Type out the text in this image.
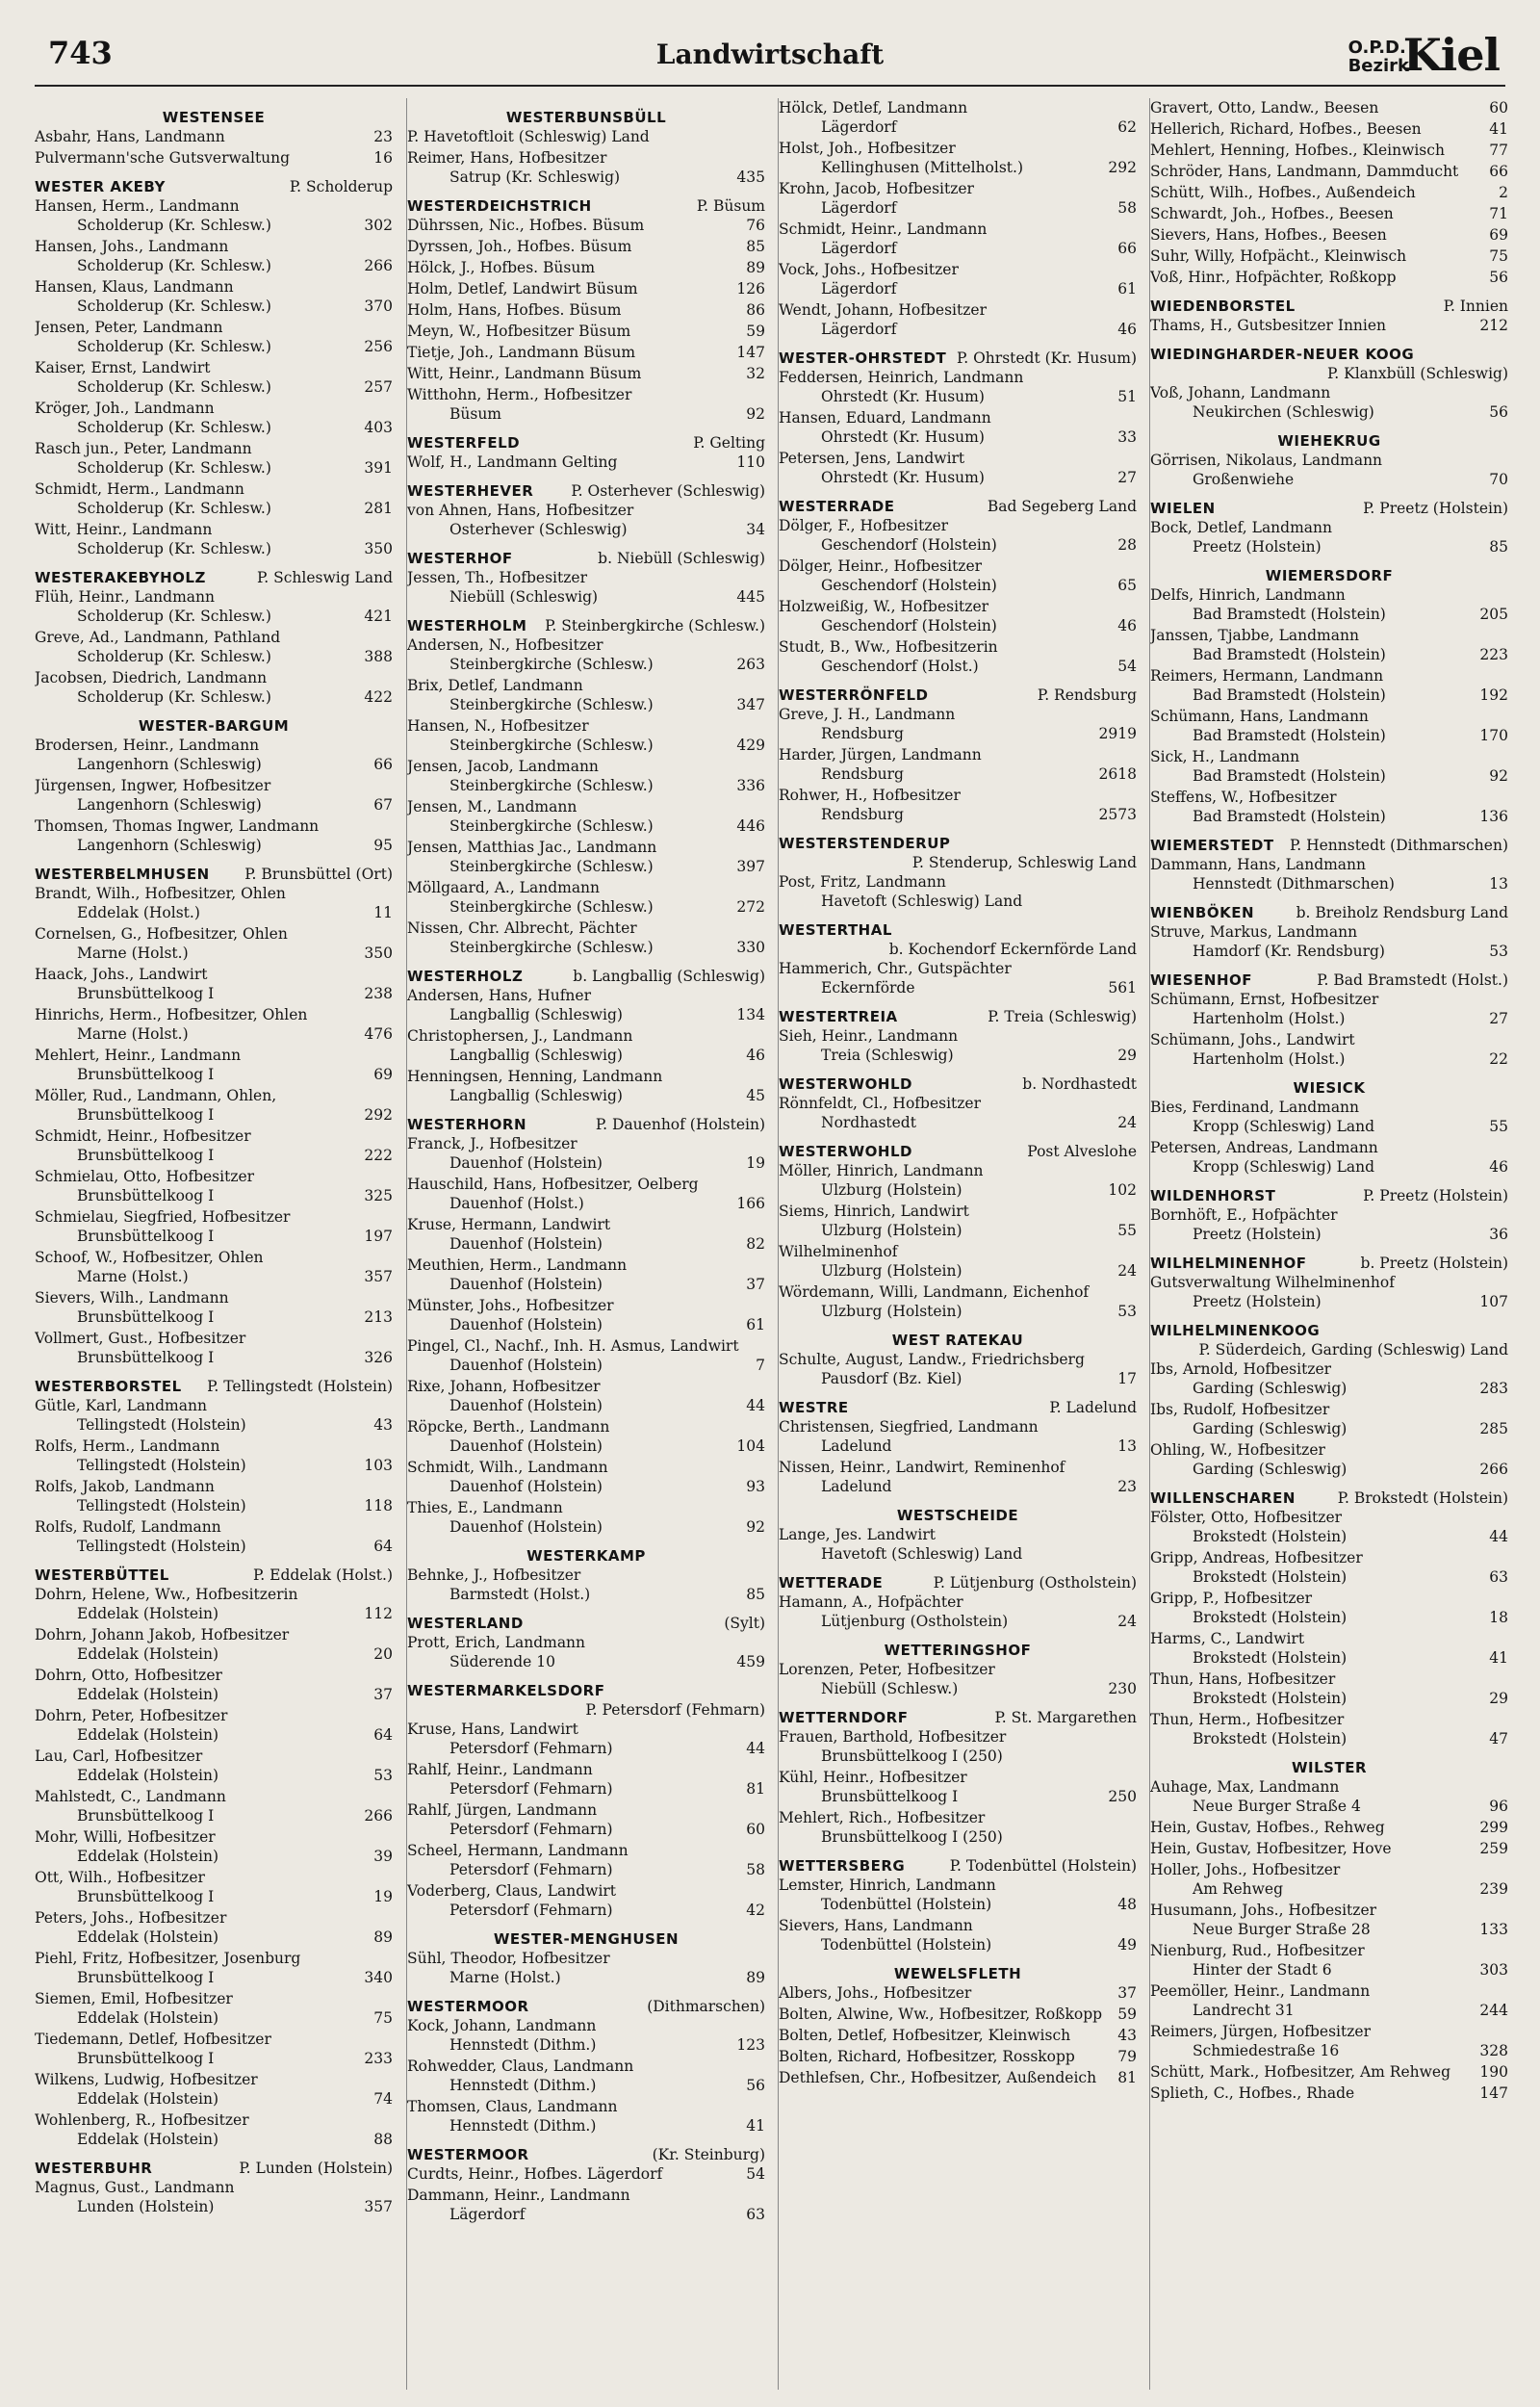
743	Landwirtschaft	O.P.D.
Bezirk
Kiel
WESTENSEE
Asbahr, Hans, Landmann	23
Pulvermann'sche Gutsverwaltung	16
WESTER AKEBY	P. Scholderup
Hansen, Herm., Landmann
Scholderup (Kr. Schlesw.)	302
Hansen, Johs., Landmann
Scholderup (Kr. Schlesw.)	266
Hansen, Klaus, Landmann
Scholderup (Kr. Schlesw.)	370
Jensen, Peter, Landmann
Scholderup (Kr. Schlesw.)	256
Kaiser, Ernst, Landwirt
Scholderup (Kr. Schlesw.)	257
Kröger, Joh., Landmann
Scholderup (Kr. Schlesw.)	403
Rasch jun., Peter, Landmann
Scholderup (Kr. Schlesw.)	391
Schmidt, Herm., Landmann
Scholderup (Kr. Schlesw.)	281
Witt, Heinr., Landmann
Scholderup (Kr. Schlesw.)	350
WESTERAKEBYHOLZ	P. Schleswig Land
Flüh, Heinr., Landmann
Scholderup (Kr. Schlesw.)	421
Greve, Ad., Landmann, Pathland
Scholderup (Kr. Schlesw.)	388
Jacobsen, Diedrich, Landmann
Scholderup (Kr. Schlesw.)	422
WESTER-BARGUM
Brodersen, Heinr., Landmann
Langenhorn (Schleswig)	66
Jürgensen, Ingwer, Hofbesitzer
Langenhorn (Schleswig)	67
Thomsen, Thomas Ingwer, Landmann
Langenhorn (Schleswig)	95
WESTERBELMHUSEN P. Brunsbüttel (Ort)
Brandt, Wilh., Hofbesitzer, Ohlen
Eddelak (Holst.)	11
Cornelsen, G., Hofbesitzer, Ohlen
Marne (Holst.)	350
Haack, Johs., Landwirt
Brunsbüttelkoog I	238
Hinrichs, Herm., Hofbesitzer, Ohlen
Marne (Holst.)	476
Mehlert, Heinr., Landmann
Brunsbüttelkoog I	69
Möller, Rud., Landmann, Ohlen,
Brunsbüttelkoog I	292
Schmidt, Heinr., Hofbesitzer
Brunsbüttelkoog I	222
Schmielau, Otto, Hofbesitzer
Brunsbüttelkoog I	325
Schmielau, Siegfried, Hofbesitzer
Brunsbüttelkoog I	197
Schoof, W., Hofbesitzer, Ohlen
Marne (Holst.)	357
Sievers, Wilh., Landmann
Brunsbüttelkoog I	213
Vollmert, Gust., Hofbesitzer
Brunsbüttelkoog I	326
WESTERBORSTEL P. Tellingstedt (Holstein)
Gütle, Karl, Landmann
Tellingstedt (Holstein)	43
Rolfs, Herm., Landmann
Tellingstedt (Holstein)	103
Rolfs, Jakob, Landmann
Tellingstedt (Holstein)	118
Rolfs, Rudolf, Landmann
Tellingstedt (Holstein)	64
WESTERBÜTTEL	P. Eddelak (Holst.)
Dohrn, Helene, Ww., Hofbesitzerin
Eddelak (Holstein)	112
Dohrn, Johann Jakob, Hofbesitzer
Eddelak (Holstein)	20
Dohrn, Otto, Hofbesitzer
Eddelak (Holstein)	37
Dohrn, Peter, Hofbesitzer
Eddelak (Holstein)	64
Lau, Carl, Hofbesitzer
Eddelak (Holstein)	53
Mahlstedt, C., Landmann
Brunsbüttelkoog I	266
Mohr, Willi, Hofbesitzer
Eddelak (Holstein)	39
Ott, Wilh., Hofbesitzer
Brunsbüttelkoog I	19
Peters, Johs., Hofbesitzer
Eddelak (Holstein)	89
Piehl, Fritz, Hofbesitzer, Josenburg
Brunsbüttelkoog I	340
Siemen, Emil, Hofbesitzer
Eddelak (Holstein)	75
Tiedemann, Detlef, Hofbesitzer
Brunsbüttelkoog I	233
Wilkens, Ludwig, Hofbesitzer
Eddelak (Holstein)	74
Wohlenberg, R., Hofbesitzer
Eddelak (Holstein)	88
WESTERBUHR	P. Lunden (Holstein)
Magnus, Gust., Landmann
Lunden (Holstein)	357
WESTERBUNSBÜLL
P. Havetoftloit (Schleswig) Land
Reimer, Hans, Hofbesitzer
Satrup (Kr. Schleswig)	435
WESTERDEICHSTRICH	P. Büsum
Dührssen, Nic., Hofbes. Büsum	76
Dyrssen, Joh., Hofbes. Büsum	85
Hölck, J., Hofbes. Büsum	89
Holm, Detlef, Landwirt Büsum	126
Holm, Hans, Hofbes. Büsum	86
Meyn, W., Hofbesitzer Büsum	59
Tietje, Joh., Landmann Büsum	147
Witt, Heinr., Landmann Büsum	32
Witthohn, Herm., Hofbesitzer
Büsum	92
WESTERFELD	P. Gelting
Wolf, H., Landmann Gelting	110
WESTERHEVER	P. Osterhever (Schleswig)
von Ahnen, Hans, Hofbesitzer
Osterhever (Schleswig)	34
WESTERHOF	b. Niebüll (Schleswig)
Jessen, Th., Hofbesitzer
Niebüll (Schleswig)	445
WESTERHOLM P. Steinbergkirche (Schlesw.)
Andersen, N., Hofbesitzer
Steinbergkirche (Schlesw.)	263
Brix, Detlef, Landmann
Steinbergkirche (Schlesw.)	347
Hansen, N., Hofbesitzer
Steinbergkirche (Schlesw.)	429
Jensen, Jacob, Landmann
Steinbergkirche (Schlesw.)	336
Jensen, M., Landmann
Steinbergkirche (Schlesw.)	446
Jensen, Matthias Jac., Landmann
Steinbergkirche (Schlesw.)	397
Möllgaard, A., Landmann
Steinbergkirche (Schlesw.)	272
Nissen, Chr. Albrecht, Pächter
Steinbergkirche (Schlesw.)	330
WESTERHOLZ	b. Langballig (Schleswig)
Andersen, Hans, Hufner
Langballig (Schleswig)	134
Christophersen, J., Landmann
Langballig (Schleswig)	46
Henningsen, Henning, Landmann
Langballig (Schleswig)	45
WESTERHORN	P. Dauenhof (Holstein)
Franck, J., Hofbesitzer
Dauenhof (Holstein)	19
Hauschild, Hans, Hofbesitzer, Oelberg
Dauenhof (Holst.)	166
Kruse, Hermann, Landwirt
Dauenhof (Holstein)	82
Meuthien, Herm., Landmann
Dauenhof (Holstein)	37
Münster, Johs., Hofbesitzer
Dauenhof (Holstein)	61
Pingel, Cl., Nachf., Inh. H. Asmus, Landwirt
Dauenhof (Holstein)	7
Rixe, Johann, Hofbesitzer
Dauenhof (Holstein)	44
Röpcke, Berth., Landmann
Dauenhof (Holstein)	104
Schmidt, Wilh., Landmann
Dauenhof (Holstein)	93
Thies, E., Landmann
Dauenhof (Holstein)	92
WESTERKAMP
Behnke, J., Hofbesitzer
Barmstedt (Holst.)	85
WESTERLAND	(Sylt)
Prott, Erich, Landmann
Süderende 10	459
WESTERMARKELSDORF
P. Petersdorf (Fehmarn)
Kruse, Hans, Landwirt
Petersdorf (Fehmarn)	44
Rahlf, Heinr., Landmann
Petersdorf (Fehmarn)	81
Rahlf, Jürgen, Landmann
Petersdorf (Fehmarn)	60
Scheel, Hermann, Landmann
Petersdorf (Fehmarn)	58
Voderberg, Claus, Landwirt
Petersdorf (Fehmarn)	42
WESTER-MENGHUSEN
Sühl, Theodor, Hofbesitzer
Marne (Holst.)	89
WESTERMOOR	(Dithmarschen)
Kock, Johann, Landmann
Hennstedt (Dithm.)	123
Rohwedder, Claus, Landmann
Hennstedt (Dithm.)	56
Thomsen, Claus, Landmann
Hennstedt (Dithm.)	41
WESTERMOOR	(Kr. Steinburg)
Curdts, Heinr., Hofbes. Lägerdorf	54
Dammann, Heinr., Landmann
Lägerdorf	63
Hölck, Detlef, Landmann
Lägerdorf	62
Holst, Joh., Hofbesitzer
Kellinghusen (Mittelholst.)	292
Krohn, Jacob, Hofbesitzer
Lägerdorf	58
Schmidt, Heinr., Landmann
Lägerdorf	66
Vock, Johs., Hofbesitzer
Lägerdorf	61
Wendt, Johann, Hofbesitzer
Lägerdorf	46
WESTER-OHRSTEDT P. Ohrstedt (Kr. Husum)
Feddersen, Heinrich, Landmann
Ohrstedt (Kr. Husum)	51
Hansen, Eduard, Landmann
Ohrstedt (Kr. Husum)	33
Petersen, Jens, Landwirt
Ohrstedt (Kr. Husum)	27
WESTERRADE	Bad Segeberg Land
Dölger, F., Hofbesitzer
Geschendorf (Holstein)	28
Dölger, Heinr., Hofbesitzer
Geschendorf (Holstein)	65
Holzweißig, W., Hofbesitzer
Geschendorf (Holstein)	46
Studt, B., Ww., Hofbesitzerin
Geschendorf (Holst.)	54
WESTERRÖNFELD	P. Rendsburg
Greve, J. H., Landmann
Rendsburg	2919
Harder, Jürgen, Landmann
Rendsburg	2618
Rohwer, H., Hofbesitzer
Rendsburg	2573
WESTERSTENDERUP
P. Stenderup, Schleswig Land
Post, Fritz, Landmann
Havetoft (Schleswig) Land
WESTERTHAL
b. Kochendorf Eckernförde Land
Hammerich, Chr., Gutspächter
Eckernförde	561
WESTERTREIA	P. Treia (Schleswig)
Sieh, Heinr., Landmann
Treia (Schleswig)	29
WESTERWOHLD	b. Nordhastedt
Rönnfeldt, Cl., Hofbesitzer
Nordhastedt	24
WESTERWOHLD	Post Alveslohe
Möller, Hinrich, Landmann
Ulzburg (Holstein)	102
Siems, Hinrich, Landwirt
Ulzburg (Holstein)	55
Wilhelminenhof
Ulzburg (Holstein)	24
Wördemann, Willi, Landmann, Eichenhof
Ulzburg (Holstein)	53
WEST RATEKAU
Schulte, August, Landw., Friedrichsberg
Pausdorf (Bz. Kiel)	17
WESTRE	P. Ladelund
Christensen, Siegfried, Landmann
Ladelund	13
Nissen, Heinr., Landwirt, Reminenhof
Ladelund	23
WESTSCHEIDE
Lange, Jes. Landwirt
Havetoft (Schleswig) Land
WETTERADE	P. Lütjenburg (Ostholstein)
Hamann, A., Hofpächter
Lütjenburg (Ostholstein)	24
WETTERINGSHOF
Lorenzen, Peter, Hofbesitzer
Niebüll (Schlesw.)	230
WETTERNDORF	P. St. Margarethen
Frauen, Barthold, Hofbesitzer
Brunsbüttelkoog I (250)
Kühl, Heinr., Hofbesitzer
Brunsbüttelkoog I	250
Mehlert, Rich., Hofbesitzer
Brunsbüttelkoog I (250)
WETTERSBERG	P. Todenbüttel (Holstein)
Lemster, Hinrich, Landmann
Todenbüttel (Holstein)	48
Sievers, Hans, Landmann
Todenbüttel (Holstein)	49
WEWELSFLETH
Albers, Johs., Hofbesitzer	37
Bolten, Alwine, Ww., Hofbesitzer, Roßkopp	59
Bolten, Detlef, Hofbesitzer, Kleinwisch	43
Bolten, Richard, Hofbesitzer, Rosskopp	79
Dethlefsen, Chr., Hofbesitzer, Außendeich	81
Gravert, Otto, Landw., Beesen	60
Hellerich, Richard, Hofbes., Beesen	41
Mehlert, Henning, Hofbes., Kleinwisch	77
Schröder, Hans, Landmann, Dammducht	66
Schütt, Wilh., Hofbes., Außendeich	2
Schwardt, Joh., Hofbes., Beesen	71
Sievers, Hans, Hofbes., Beesen	69
Suhr, Willy, Hofpächt., Kleinwisch	75
Voß, Hinr., Hofpächter, Roßkopp	56
WIEDENBORSTEL	P. Innien
Thams, H., Gutsbesitzer Innien	212
WIEDINGHARDER-NEUER KOOG
P. Klanxbüll (Schleswig)
Voß, Johann, Landmann
Neukirchen (Schleswig)	56
WIEHEKRUG
Görrisen, Nikolaus, Landmann
Großenwiehe	70
WIELEN	P. Preetz (Holstein)
Bock, Detlef, Landmann
Preetz (Holstein)	85
WIEMERSDORF
Delfs, Hinrich, Landmann
Bad Bramstedt (Holstein)	205
Janssen, Tjabbe, Landmann
Bad Bramstedt (Holstein)	223
Reimers, Hermann, Landmann
Bad Bramstedt (Holstein)	192
Schümann, Hans, Landmann
Bad Bramstedt (Holstein)	170
Sick, H., Landmann
Bad Bramstedt (Holstein)	92
Steffens, W., Hofbesitzer
Bad Bramstedt (Holstein)	136
WIEMERSTEDT P. Hennstedt (Dithmarschen)
Dammann, Hans, Landmann
Hennstedt (Dithmarschen)	13
WIENBÖKEN	b. Breiholz Rendsburg Land
Struve, Markus, Landmann
Hamdorf (Kr. Rendsburg)	53
WIESENHOF	P. Bad Bramstedt (Holst.)
Schümann, Ernst, Hofbesitzer
Hartenholm (Holst.)	27
Schümann, Johs., Landwirt
Hartenholm (Holst.)	22
WIESICK
Bies, Ferdinand, Landmann
Kropp (Schleswig) Land	55
Petersen, Andreas, Landmann
Kropp (Schleswig) Land	46
WILDENHORST	P. Preetz (Holstein)
Bornhöft, E., Hofpächter
Preetz (Holstein)	36
WILHELMINENHOF	b. Preetz (Holstein)
Gutsverwaltung Wilhelminenhof
Preetz (Holstein)	107
WILHELMINENKOOG
P. Süderdeich, Garding (Schleswig) Land
Ibs, Arnold, Hofbesitzer
Garding (Schleswig)	283
Ibs, Rudolf, Hofbesitzer
Garding (Schleswig)	285
Ohling, W., Hofbesitzer
Garding (Schleswig)	266
WILLENSCHAREN	P. Brokstedt (Holstein)
Fölster, Otto, Hofbesitzer
Brokstedt (Holstein)	44
Gripp, Andreas, Hofbesitzer
Brokstedt (Holstein)	63
Gripp, P., Hofbesitzer
Brokstedt (Holstein)	18
Harms, C., Landwirt
Brokstedt (Holstein)	41
Thun, Hans, Hofbesitzer
Brokstedt (Holstein)	29
Thun, Herm., Hofbesitzer
Brokstedt (Holstein)	47
WILSTER
Auhage, Max, Landmann
Neue Burger Straße 4	96
Hein, Gustav, Hofbes., Rehweg	299
Hein, Gustav, Hofbesitzer, Hove	259
Holler, Johs., Hofbesitzer
Am Rehweg	239
Husumann, Johs., Hofbesitzer
Neue Burger Straße 28	133
Nienburg, Rud., Hofbesitzer
Hinter der Stadt 6	303
Peemöller, Heinr., Landmann
Landrecht 31	244
Reimers, Jürgen, Hofbesitzer
Schmiedestraße 16	328
Schütt, Mark., Hofbesitzer, Am Rehweg	190
Splieth, C., Hofbes., Rhade	147
